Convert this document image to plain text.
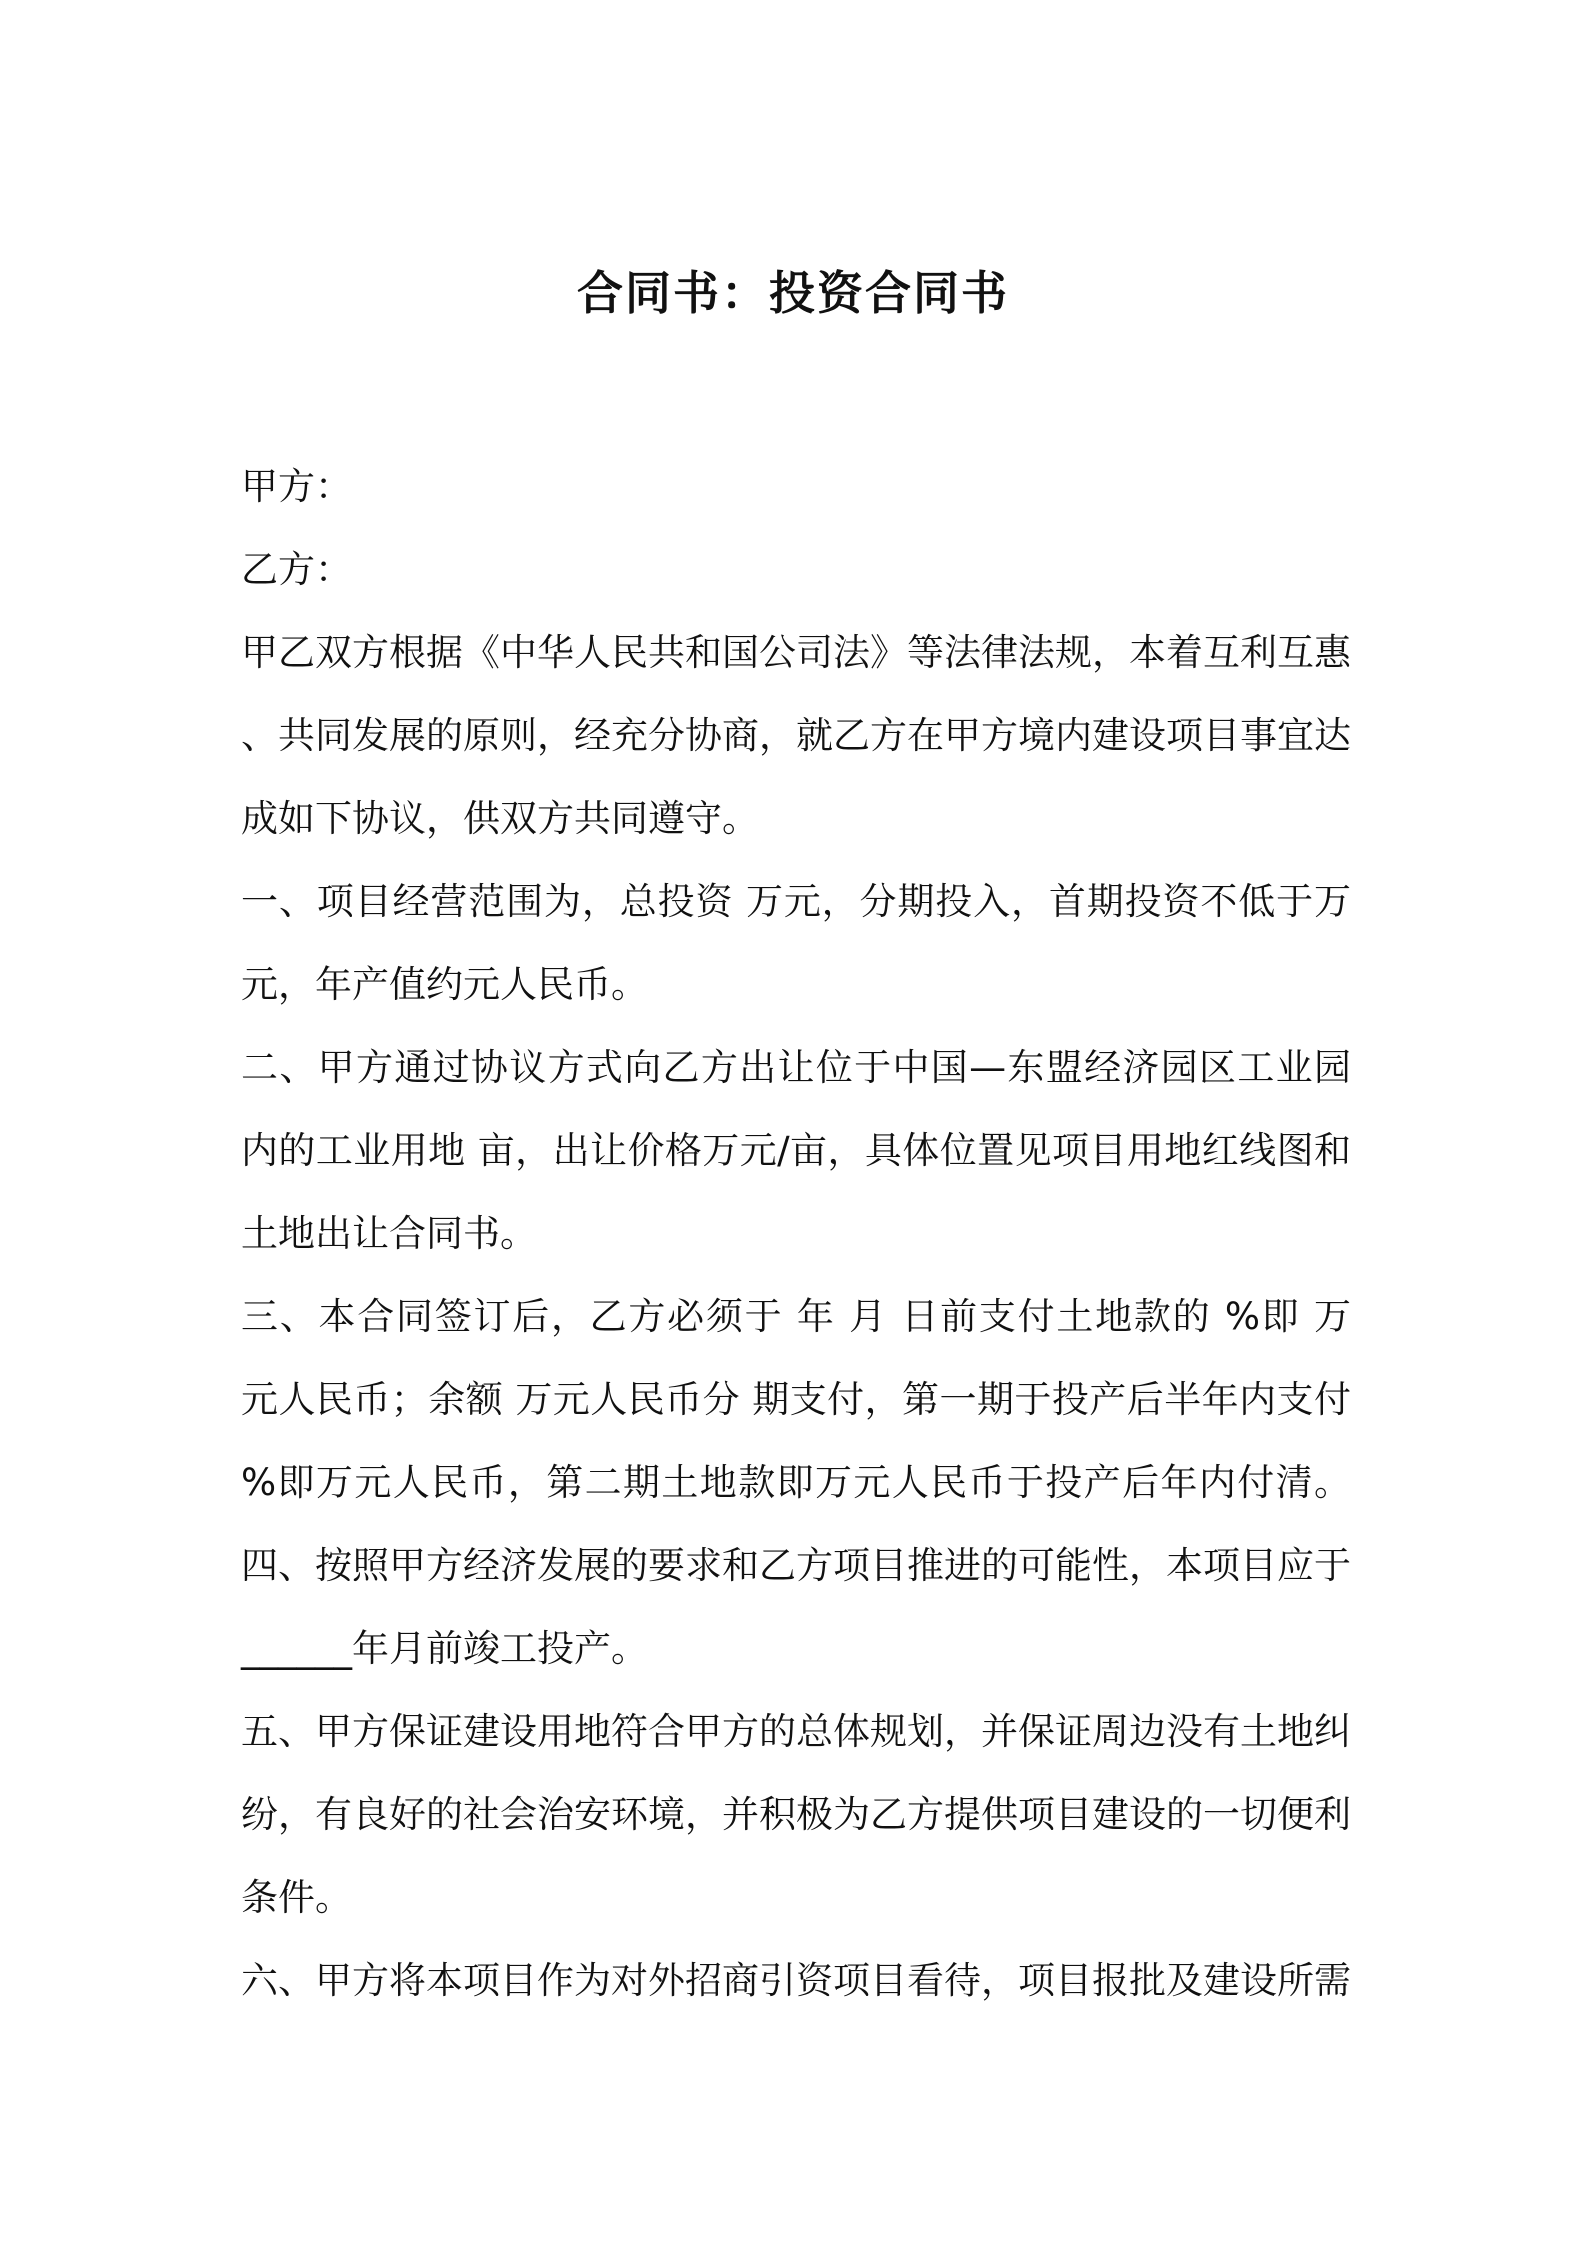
合同书：投资合同书
甲方：
乙方：
甲乙双方根据《中华人民共和国公司法》等法律法规，本着互利互惠
、共同发展的原则，经充分协商，就乙方在甲方境内建设项目事宜达
成如下协议，供双方共同遵守。
一、项目经营范围为，总投资 万元，分期投入，首期投资不低于万
元，年产值约元人民币。
二、甲方通过协议方式向乙方出让位于中国—东盟经济园区工业园
内的工业用地 亩，出让价格万元/亩，具体位置见项目用地红线图和
土地出让合同书。
三、本合同签订后，乙方必须于 年 月 日前支付土地款的 %即 万
元人民币；余额 万元人民币分 期支付，第一期于投产后半年内支付
%即万元人民币，第二期土地款即万元人民币于投产后年内付清。
四、按照甲方经济发展的要求和乙方项目推进的可能性，本项目应于
______年月前竣工投产。
五、甲方保证建设用地符合甲方的总体规划，并保证周边没有土地纠
纷，有良好的社会治安环境，并积极为乙方提供项目建设的一切便利
条件。
六、甲方将本项目作为对外招商引资项目看待，项目报批及建设所需
